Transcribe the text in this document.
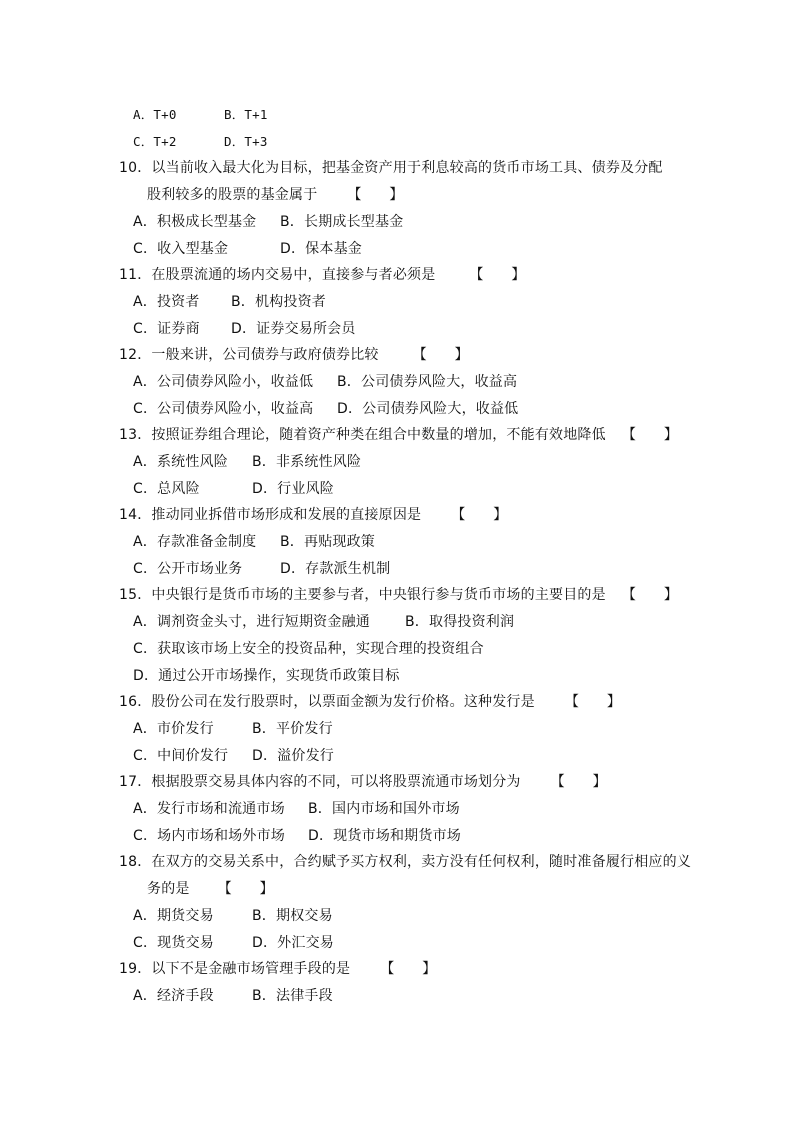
A．T+0	B．T+1
C．T+2	D．T+3
10．以当前收入最大化为目标，把基金资产用于利息较高的货币市场工具、债券及分配
股利较多的股票的基金属于 【　　】
A．积极成长型基金 B．长期成长型基金
C．收入型基金	D．保本基金
11．在股票流通的场内交易中，直接参与者必须是 【　　】
A．投资者 B．机构投资者
C．证券商 D．证券交易所会员
12．一般来讲，公司债券与政府债券比较 【　　】
A．公司债券风险小，收益低 B．公司债券风险大，收益高
C．公司债券风险小，收益高 D．公司债券风险大，收益低
13．按照证券组合理论，随着资产种类在组合中数量的增加，不能有效地降低 【　　】
A．系统性风险 B．非系统性风险
C．总风险	D．行业风险
14．推动同业拆借市场形成和发展的直接原因是 【　　】
A．存款准备金制度 B．再贴现政策
C．公开市场业务	D．存款派生机制
15．中央银行是货币市场的主要参与者，中央银行参与货币市场的主要目的是 【　　】
A．调剂资金头寸，进行短期资金融通	B．取得投资利润
C．获取该市场上安全的投资品种，实现合理的投资组合
D．通过公开市场操作，实现货币政策目标
16．股份公司在发行股票时，以票面金额为发行价格。这种发行是 【　　】
A．市价发行	B．平价发行
C．中间价发行 D．溢价发行
17．根据股票交易具体内容的不同，可以将股票流通市场划分为 【　　】
A．发行市场和流通市场 B．国内市场和国外市场
C．场内市场和场外市场 D．现货市场和期货市场
18．在双方的交易关系中，合约赋予买方权利，卖方没有任何权利，随时准备履行相应的义
务的是 【　　】
A．期货交易	B．期权交易
C．现货交易	D．外汇交易
19．以下不是金融市场管理手段的是 【　　】
A．经济手段	B．法律手段
